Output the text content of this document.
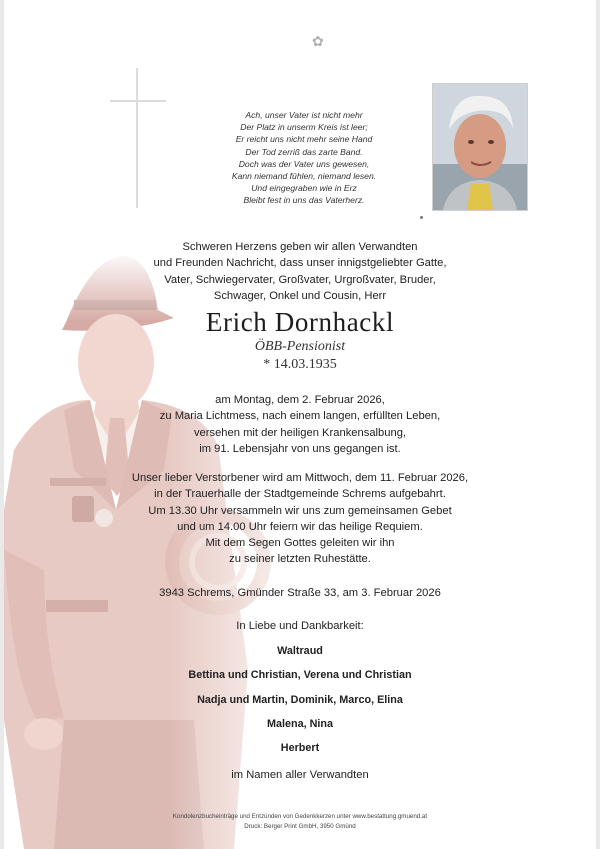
✿
Ach, unser Vater ist nicht mehr
Der Platz in unserm Kreis ist leer;
Er reicht uns nicht mehr seine Hand
Der Tod zerriß das zarte Band.
Doch was der Vater uns gewesen,
Kann niemand fühlen, niemand lesen.
Und eingegraben wie in Erz
Bleibt fest in uns das Vaterherz.
Schweren Herzens geben wir allen Verwandten
und Freunden Nachricht, dass unser innigstgeliebter Gatte,
Vater, Schwiegervater, Großvater, Urgroßvater, Bruder,
Schwager, Onkel und Cousin, Herr
Erich Dornhackl
ÖBB-Pensionist
* 14.03.1935
am Montag, dem 2. Februar 2026,
zu Maria Lichtmess, nach einem langen, erfüllten Leben,
versehen mit der heiligen Krankensalbung,
im 91. Lebensjahr von uns gegangen ist.
Unser lieber Verstorbener wird am Mittwoch, dem 11. Februar 2026,
in der Trauerhalle der Stadtgemeinde Schrems aufgebahrt.
Um 13.30 Uhr versammeln wir uns zum gemeinsamen Gebet
und um 14.00 Uhr feiern wir das heilige Requiem.
Mit dem Segen Gottes geleiten wir ihn
zu seiner letzten Ruhestätte.
3943 Schrems, Gmünder Straße 33, am 3. Februar 2026
In Liebe und Dankbarkeit:
Waltraud
Bettina und Christian, Verena und Christian
Nadja und Martin, Dominik, Marco, Elina
Malena, Nina
Herbert
im Namen aller Verwandten
Kondolenzbucheinträge und Entzünden von Gedenkkerzen unter www.bestattung.gmuend.at
Druck: Berger Print GmbH, 3950 Gmünd
